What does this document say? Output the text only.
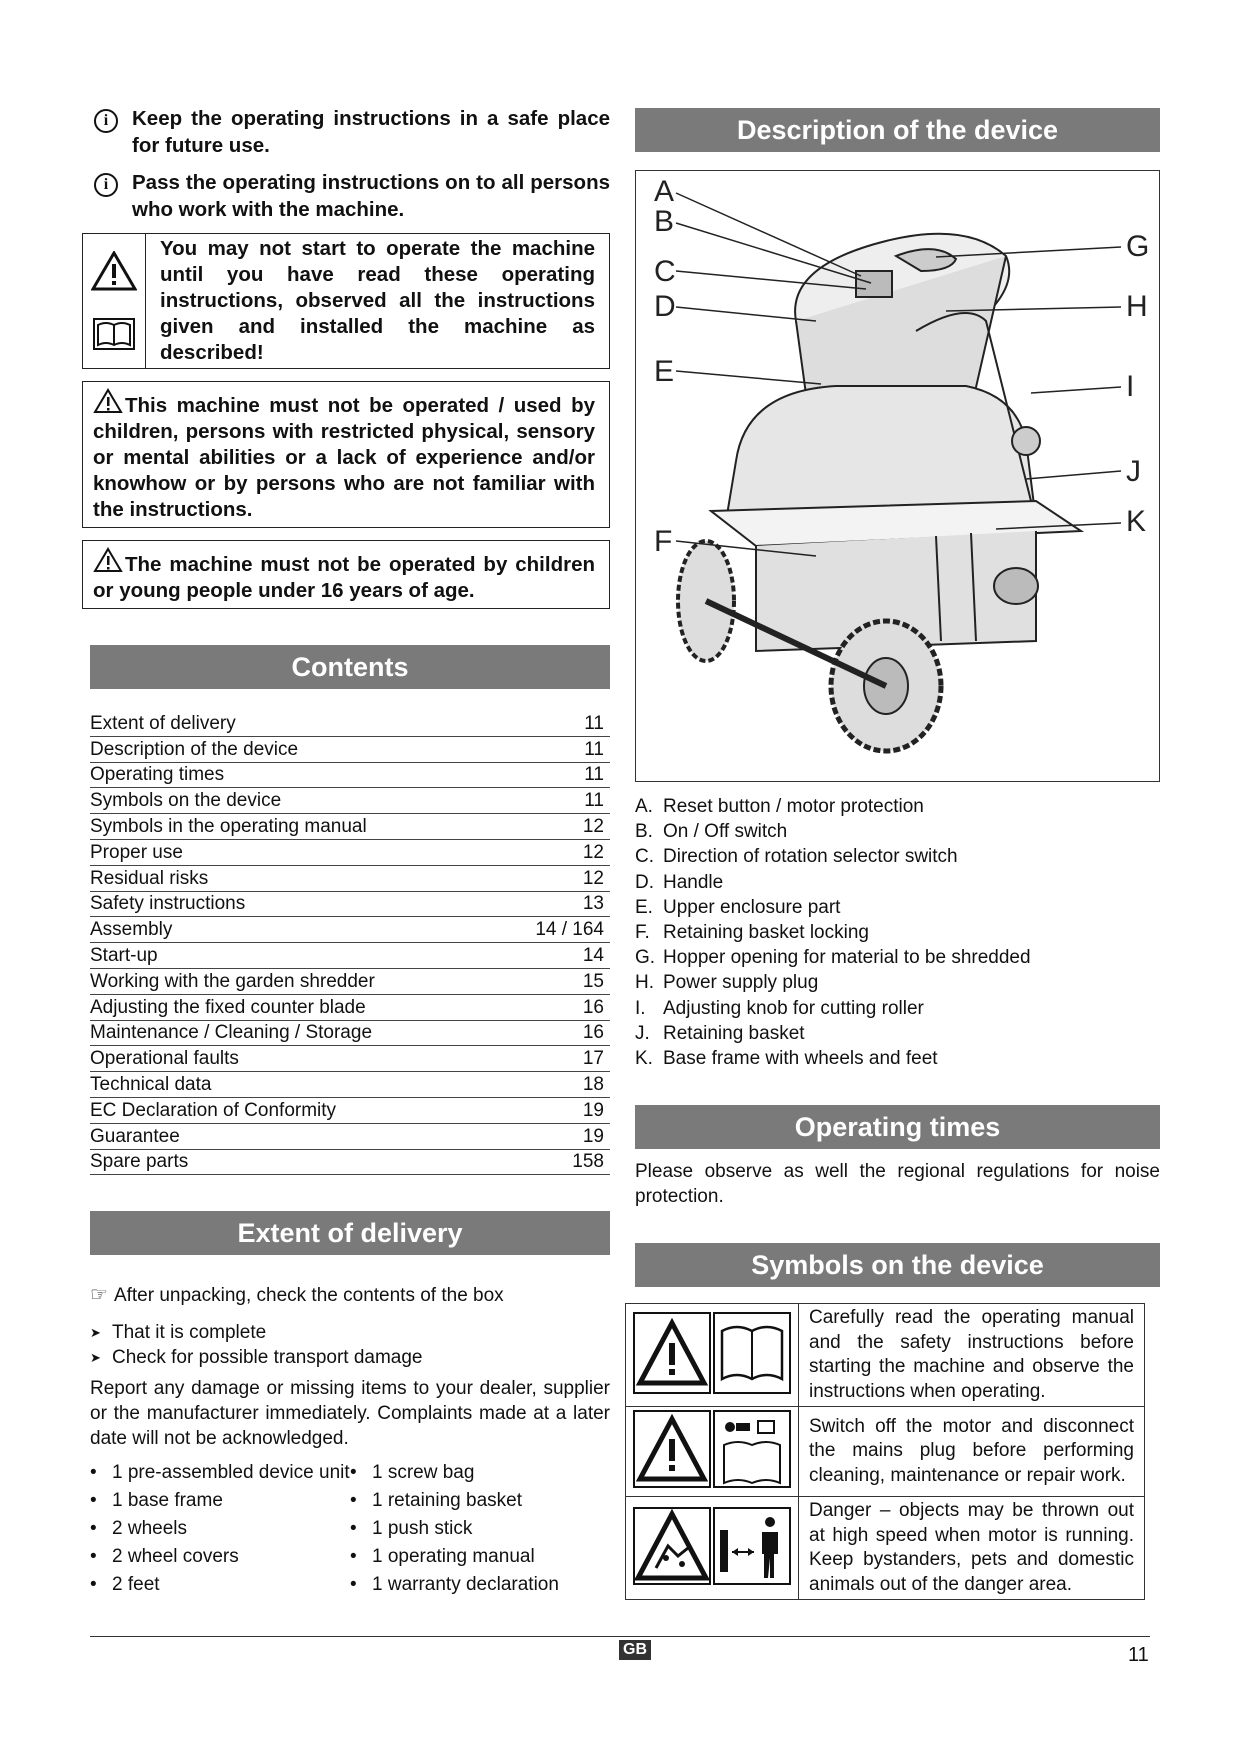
i	Keep the operating instructions in a safe place for future use.
i	Pass the operating instructions on to all persons who work with the machine.
You may not start to operate the machine until you have read these operating instructions, observed all the instructions given and installed the machine as described!
This machine must not be operated / used by children, persons with restricted physical, sensory or mental abilities or a lack of experience and/or knowhow or by persons who are not familiar with the instructions.
The machine must not be operated by children or young people under 16 years of age.
Contents
Extent of delivery	11
Description of the device	11
Operating times	11
Symbols on the device	11
Symbols in the operating manual	12
Proper use	12
Residual risks	12
Safety instructions	13
Assembly	14 / 164
Start-up	14
Working with the garden shredder	15
Adjusting the fixed counter blade	16
Maintenance / Cleaning / Storage	16
Operational faults	17
Technical data	18
EC Declaration of Conformity	19
Guarantee	19
Spare parts	158
Extent of delivery
☞ After unpacking, check the contents of the box
➤ That it is complete
➤ Check for possible transport damage
Report any damage or missing items to your dealer, supplier or the manufacturer immediately. Complaints made at a later date will not be acknowledged.
• 1 pre-assembled device unit
• 1 base frame
• 2 wheels
• 2 wheel covers
• 2 feet
• 1 screw bag
• 1 retaining basket
• 1 push stick
• 1 operating manual
• 1 warranty declaration
Description of the device
A
B
C
D
E
F
G
H
I
J
K
A. Reset button / motor protection
B. On / Off switch
C. Direction of rotation selector switch
D. Handle
E. Upper enclosure part
F. Retaining basket locking
G. Hopper opening for material to be shredded
H. Power supply plug
I. Adjusting knob for cutting roller
J. Retaining basket
K. Base frame with wheels and feet
Operating times
Please observe as well the regional regulations for noise protection.
Symbols on the device
	Carefully read the operating manual and the safety instructions before starting the machine and observe the instructions when operating.
	Switch off the motor and disconnect the mains plug before performing cleaning, maintenance or repair work.
	Danger – objects may be thrown out at high speed when motor is running. Keep bystanders, pets and domestic animals out of the danger area.
GB	11
